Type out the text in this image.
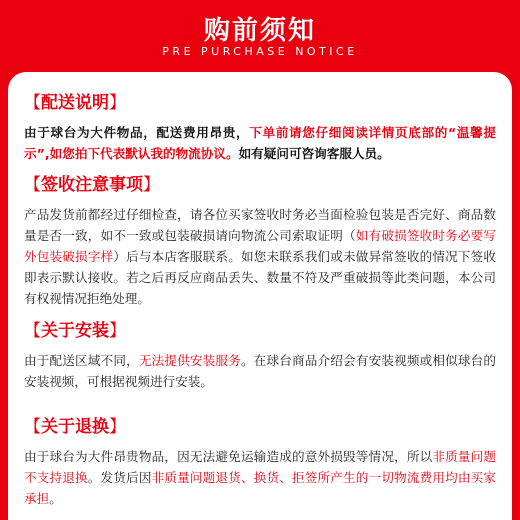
购前须知
PRE PURCHASE NOTICE
【配送说明】
由于球台为大件物品，配送费用昂贵，下单前请您仔细阅读详情页底部的“温馨提示”,如您拍下代表默认我的物流协议。如有疑问可咨询客服人员。
【签收注意事项】
产品发货前都经过仔细检查，请各位买家签收时务必当面检验包装是否完好、商品数量是否一致，如不一致或包装破损请向物流公司索取证明（如有破损签收时务必要写外包装破损字样）后与本店客服联系。如您未联系我们或未做异常签收的情况下签收即表示默认接收。若之后再反应商品丢失、数量不符及严重破损等此类问题，本公司有权视情况拒绝处理。
【关于安装】
由于配送区域不同，无法提供安装服务。在球台商品介绍会有安装视频或相似球台的安装视频，可根据视频进行安装。
【关于退换】
由于球台为大件昂贵物品，因无法避免运输造成的意外损毁等情况，所以非质量问题不支持退换。发货后因非质量问题退货、换货、拒签所产生的一切物流费用均由买家承担。
